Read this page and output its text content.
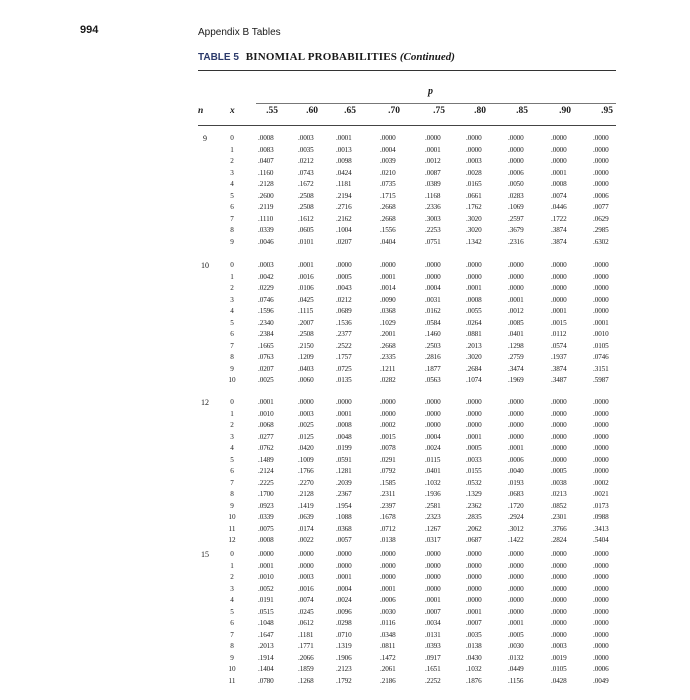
994	Appendix B Tables
TABLE 5 BINOMIAL PROBABILITIES (Continued)
p
n	x	.55	.60	.65	.70	.75	.80	.85	.90	.95
9	0	.0008	.0003	.0001	.0000	.0000	.0000	.0000	.0000	.0000
1	.0083	.0035	.0013	.0004	.0001	.0000	.0000	.0000	.0000
2	.0407	.0212	.0098	.0039	.0012	.0003	.0000	.0000	.0000
3	.1160	.0743	.0424	.0210	.0087	.0028	.0006	.0001	.0000
4	.2128	.1672	.1181	.0735	.0389	.0165	.0050	.0008	.0000
5	.2600	.2508	.2194	.1715	.1168	.0661	.0283	.0074	.0006
6	.2119	.2508	.2716	.2668	.2336	.1762	.1069	.0446	.0077
7	.1110	.1612	.2162	.2668	.3003	.3020	.2597	.1722	.0629
8	.0339	.0605	.1004	.1556	.2253	.3020	.3679	.3874	.2985
9	.0046	.0101	.0207	.0404	.0751	.1342	.2316	.3874	.6302
10	0	.0003	.0001	.0000	.0000	.0000	.0000	.0000	.0000	.0000
1	.0042	.0016	.0005	.0001	.0000	.0000	.0000	.0000	.0000
2	.0229	.0106	.0043	.0014	.0004	.0001	.0000	.0000	.0000
3	.0746	.0425	.0212	.0090	.0031	.0008	.0001	.0000	.0000
4	.1596	.1115	.0689	.0368	.0162	.0055	.0012	.0001	.0000
5	.2340	.2007	.1536	.1029	.0584	.0264	.0085	.0015	.0001
6	.2384	.2508	.2377	.2001	.1460	.0881	.0401	.0112	.0010
7	.1665	.2150	.2522	.2668	.2503	.2013	.1298	.0574	.0105
8	.0763	.1209	.1757	.2335	.2816	.3020	.2759	.1937	.0746
9	.0207	.0403	.0725	.1211	.1877	.2684	.3474	.3874	.3151
10	.0025	.0060	.0135	.0282	.0563	.1074	.1969	.3487	.5987
12	0	.0001	.0000	.0000	.0000	.0000	.0000	.0000	.0000	.0000
1	.0010	.0003	.0001	.0000	.0000	.0000	.0000	.0000	.0000
2	.0068	.0025	.0008	.0002	.0000	.0000	.0000	.0000	.0000
3	.0277	.0125	.0048	.0015	.0004	.0001	.0000	.0000	.0000
4	.0762	.0420	.0199	.0078	.0024	.0005	.0001	.0000	.0000
5	.1489	.1009	.0591	.0291	.0115	.0033	.0006	.0000	.0000
6	.2124	.1766	.1281	.0792	.0401	.0155	.0040	.0005	.0000
7	.2225	.2270	.2039	.1585	.1032	.0532	.0193	.0038	.0002
8	.1700	.2128	.2367	.2311	.1936	.1329	.0683	.0213	.0021
9	.0923	.1419	.1954	.2397	.2581	.2362	.1720	.0852	.0173
10	.0339	.0639	.1088	.1678	.2323	.2835	.2924	.2301	.0988
11	.0075	.0174	.0368	.0712	.1267	.2062	.3012	.3766	.3413
12	.0008	.0022	.0057	.0138	.0317	.0687	.1422	.2824	.5404
15	0	.0000	.0000	.0000	.0000	.0000	.0000	.0000	.0000	.0000
1	.0001	.0000	.0000	.0000	.0000	.0000	.0000	.0000	.0000
2	.0010	.0003	.0001	.0000	.0000	.0000	.0000	.0000	.0000
3	.0052	.0016	.0004	.0001	.0000	.0000	.0000	.0000	.0000
4	.0191	.0074	.0024	.0006	.0001	.0000	.0000	.0000	.0000
5	.0515	.0245	.0096	.0030	.0007	.0001	.0000	.0000	.0000
6	.1048	.0612	.0298	.0116	.0034	.0007	.0001	.0000	.0000
7	.1647	.1181	.0710	.0348	.0131	.0035	.0005	.0000	.0000
8	.2013	.1771	.1319	.0811	.0393	.0138	.0030	.0003	.0000
9	.1914	.2066	.1906	.1472	.0917	.0430	.0132	.0019	.0000
10	.1404	.1859	.2123	.2061	.1651	.1032	.0449	.0105	.0006
11	.0780	.1268	.1792	.2186	.2252	.1876	.1156	.0428	.0049
